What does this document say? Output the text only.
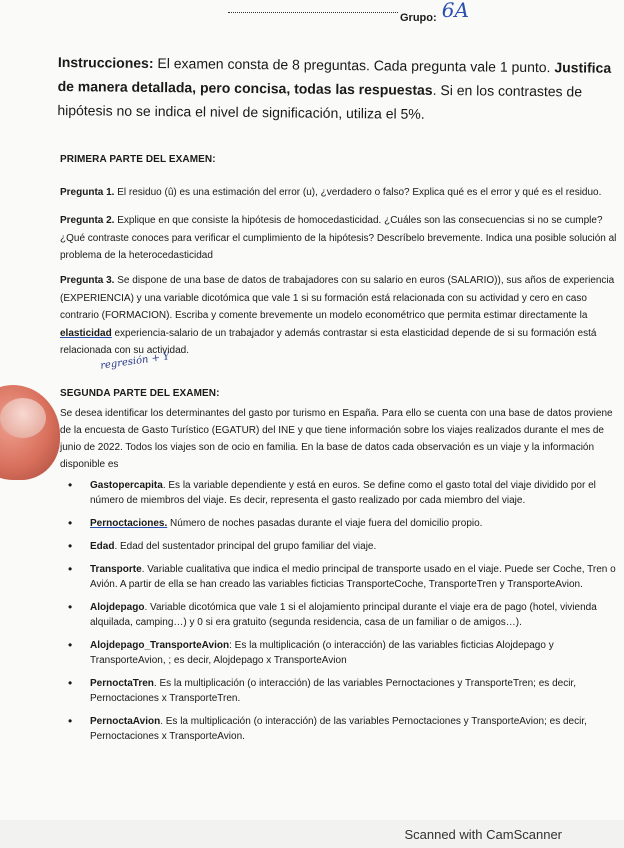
Grupo: 6A
Instrucciones: El examen consta de 8 preguntas. Cada pregunta vale 1 punto. Justifica de manera detallada, pero concisa, todas las respuestas. Si en los contrastes de hipótesis no se indica el nivel de significación, utiliza el 5%.
PRIMERA PARTE DEL EXAMEN:
Pregunta 1. El residuo (û) es una estimación del error (u), ¿verdadero o falso? Explica qué es el error y qué es el residuo.
Pregunta 2. Explique en que consiste la hipótesis de homocedasticidad. ¿Cuáles son las consecuencias si no se cumple? ¿Qué contraste conoces para verificar el cumplimiento de la hipótesis? Descríbelo brevemente. Indica una posible solución al problema de la heterocedasticidad
Pregunta 3. Se dispone de una base de datos de trabajadores con su salario en euros (SALARIO)), sus años de experiencia (EXPERIENCIA) y una variable dicotómica que vale 1 si su formación está relacionada con su actividad y cero en caso contrario (FORMACION). Escriba y comente brevemente un modelo econométrico que permita estimar directamente la elasticidad experiencia-salario de un trabajador y además contrastar si esta elasticidad depende de si su formación está relacionada con su actividad.
regresión + Y
SEGUNDA PARTE DEL EXAMEN:
Se desea identificar los determinantes del gasto por turismo en España. Para ello se cuenta con una base de datos proviene de la encuesta de Gasto Turístico (EGATUR) del INE y que tiene información sobre los viajes realizados durante el mes de junio de 2022. Todos los viajes son de ocio en familia. En la base de datos cada observación es un viaje y la información disponible es
• Gastopercapita. Es la variable dependiente y está en euros. Se define como el gasto total del viaje dividido por el número de miembros del viaje. Es decir, representa el gasto realizado por cada miembro del viaje.
• Pernoctaciones. Número de noches pasadas durante el viaje fuera del domicilio propio.
• Edad. Edad del sustentador principal del grupo familiar del viaje.
• Transporte. Variable cualitativa que indica el medio principal de transporte usado en el viaje. Puede ser Coche, Tren o Avión. A partir de ella se han creado las variables ficticias TransporteCoche, TransporteTren y TransporteAvion.
• Alojdepago. Variable dicotómica que vale 1 si el alojamiento principal durante el viaje era de pago (hotel, vivienda alquilada, camping…) y 0 si era gratuito (segunda residencia, casa de un familiar o de amigos…).
• Alojdepago_TransporteAvion: Es la multiplicación (o interacción) de las variables ficticias Alojdepago y TransporteAvion, ; es decir, Alojdepago x TransporteAvion
• PernoctaTren. Es la multiplicación (o interacción) de las variables Pernoctaciones y TransporteTren; es decir, Pernoctaciones x TransporteTren.
• PernoctaAvion. Es la multiplicación (o interacción) de las variables Pernoctaciones y TransporteAvion; es decir, Pernoctaciones x TransporteAvion.
Scanned with CamScanner
